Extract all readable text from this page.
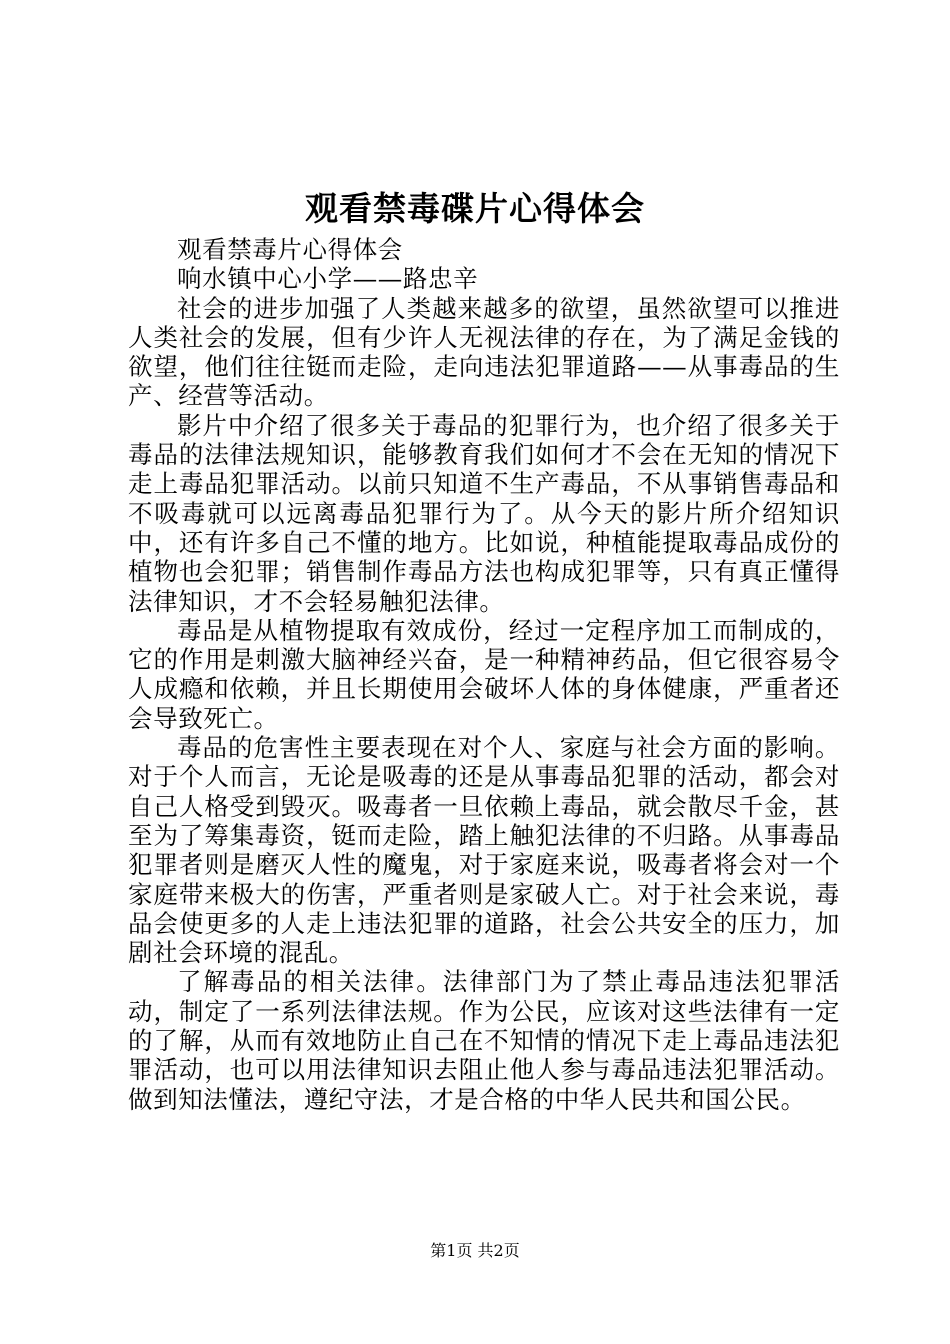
观看禁毒碟片心得体会

观看禁毒片心得体会

响水镇中心小学——路忠辛

社会的进步加强了人类越来越多的欲望，虽然欲望可以推进人类社会的发展，但有少许人无视法律的存在，为了满足金钱的欲望，他们往往铤而走险，走向违法犯罪道路——从事毒品的生产、经营等活动。

影片中介绍了很多关于毒品的犯罪行为，也介绍了很多关于毒品的法律法规知识，能够教育我们如何才不会在无知的情况下走上毒品犯罪活动。以前只知道不生产毒品，不从事销售毒品和不吸毒就可以远离毒品犯罪行为了。从今天的影片所介绍知识中，还有许多自己不懂的地方。比如说，种植能提取毒品成份的植物也会犯罪；销售制作毒品方法也构成犯罪等，只有真正懂得法律知识，才不会轻易触犯法律。

毒品是从植物提取有效成份，经过一定程序加工而制成的，它的作用是刺激大脑神经兴奋，是一种精神药品，但它很容易令人成瘾和依赖，并且长期使用会破坏人体的身体健康，严重者还会导致死亡。

毒品的危害性主要表现在对个人、家庭与社会方面的影响。对于个人而言，无论是吸毒的还是从事毒品犯罪的活动，都会对自己人格受到毁灭。吸毒者一旦依赖上毒品，就会散尽千金，甚至为了筹集毒资，铤而走险，踏上触犯法律的不归路。从事毒品犯罪者则是磨灭人性的魔鬼，对于家庭来说，吸毒者将会对一个家庭带来极大的伤害，严重者则是家破人亡。对于社会来说，毒品会使更多的人走上违法犯罪的道路，社会公共安全的压力，加剧社会环境的混乱。

了解毒品的相关法律。法律部门为了禁止毒品违法犯罪活动，制定了一系列法律法规。作为公民，应该对这些法律有一定的了解，从而有效地防止自己在不知情的情况下走上毒品违法犯罪活动，也可以用法律知识去阻止他人参与毒品违法犯罪活动。做到知法懂法，遵纪守法，才是合格的中华人民共和国公民。

第1页 共2页
